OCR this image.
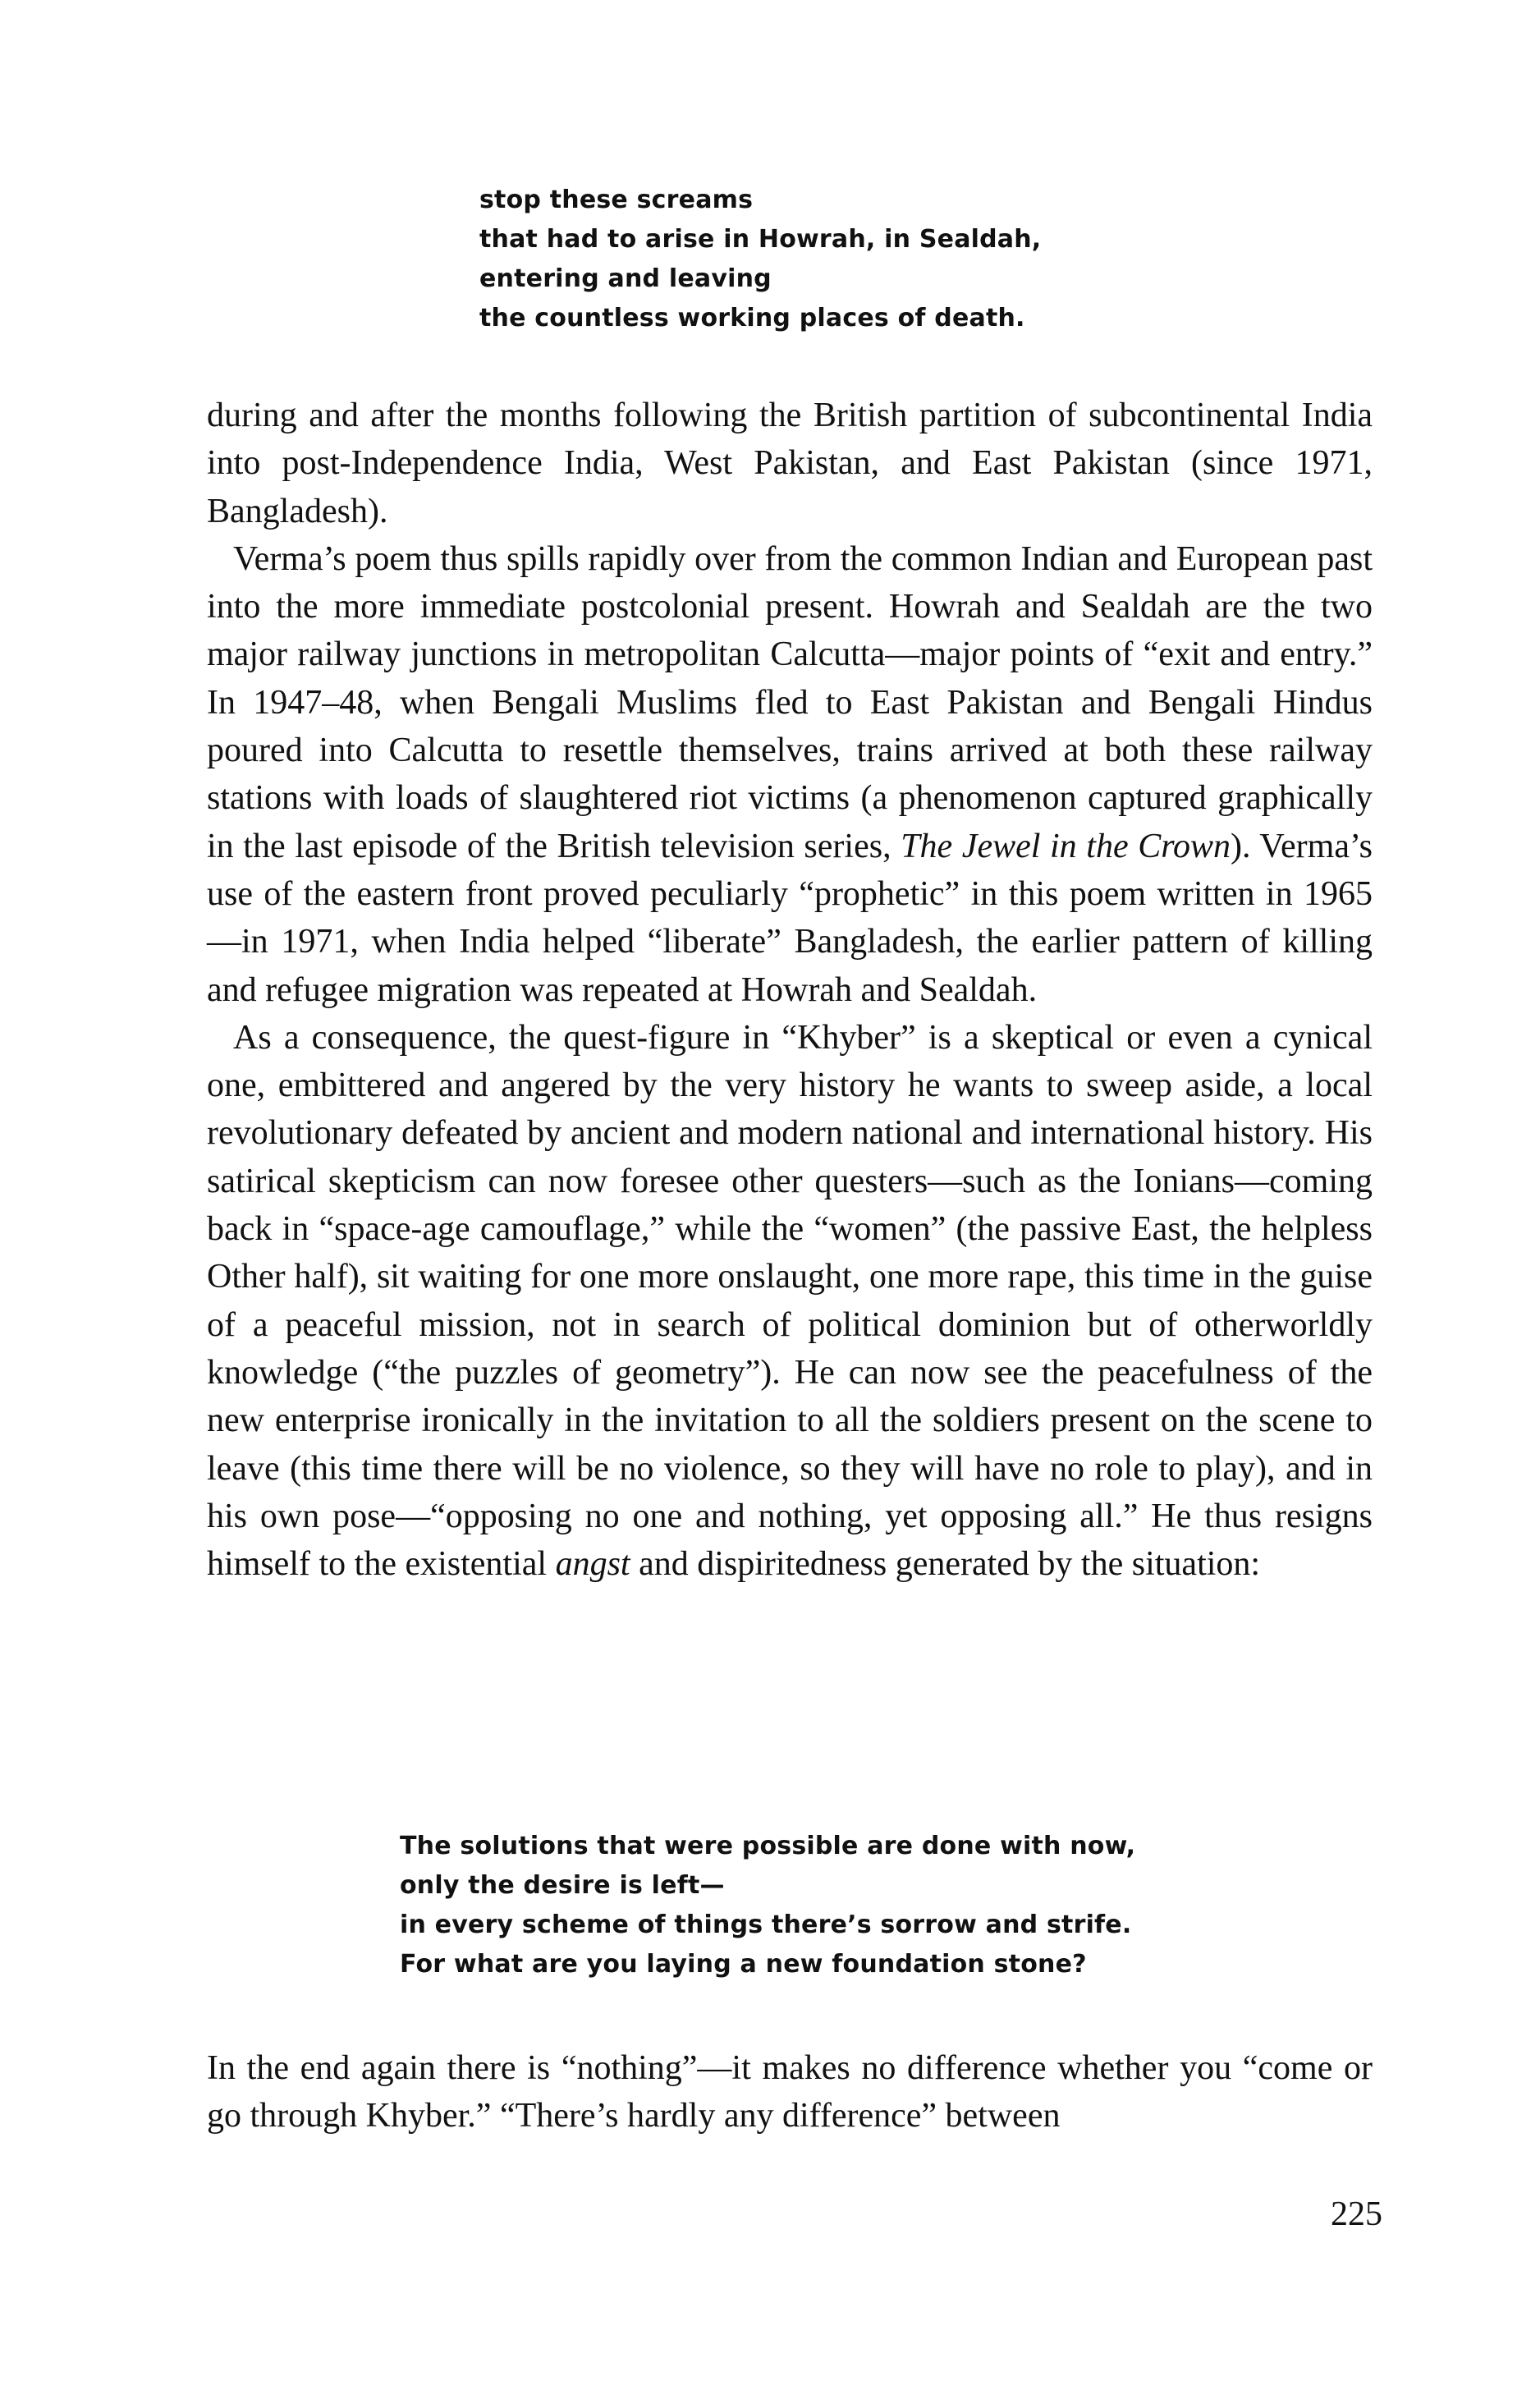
stop these screams
that had to arise in Howrah, in Sealdah,
entering and leaving
the countless working places of death.

during and after the months following the British partition of subcontinental India into post-Independence India, West Pakistan, and East Pakistan (since 1971, Bangladesh).

Verma’s poem thus spills rapidly over from the common Indian and European past into the more immediate postcolonial present. Howrah and Sealdah are the two major railway junctions in metropolitan Calcutta—major points of “exit and entry.” In 1947–48, when Bengali Muslims fled to East Pakistan and Bengali Hindus poured into Calcutta to resettle themselves, trains arrived at both these railway stations with loads of slaughtered riot victims (a phenomenon captured graphically in the last episode of the British television series, The Jewel in the Crown). Verma’s use of the eastern front proved peculiarly “prophetic” in this poem written in 1965—in 1971, when India helped “liberate” Bangladesh, the earlier pattern of killing and refugee migration was repeated at Howrah and Sealdah.

As a consequence, the quest-figure in “Khyber” is a skeptical or even a cynical one, embittered and angered by the very history he wants to sweep aside, a local revolutionary defeated by ancient and modern national and international history. His satirical skepticism can now foresee other questers—such as the Ionians—coming back in “space-age camouflage,” while the “women” (the passive East, the helpless Other half), sit waiting for one more onslaught, one more rape, this time in the guise of a peaceful mission, not in search of political dominion but of otherworldly knowledge (“the puzzles of geometry”). He can now see the peacefulness of the new enterprise ironically in the invitation to all the soldiers present on the scene to leave (this time there will be no violence, so they will have no role to play), and in his own pose—“opposing no one and nothing, yet opposing all.” He thus resigns himself to the existential angst and dispiritedness generated by the situation:

The solutions that were possible are done with now,
only the desire is left—
in every scheme of things there’s sorrow and strife.
For what are you laying a new foundation stone?

In the end again there is “nothing”—it makes no difference whether you “come or go through Khyber.” “There’s hardly any difference” between

225
